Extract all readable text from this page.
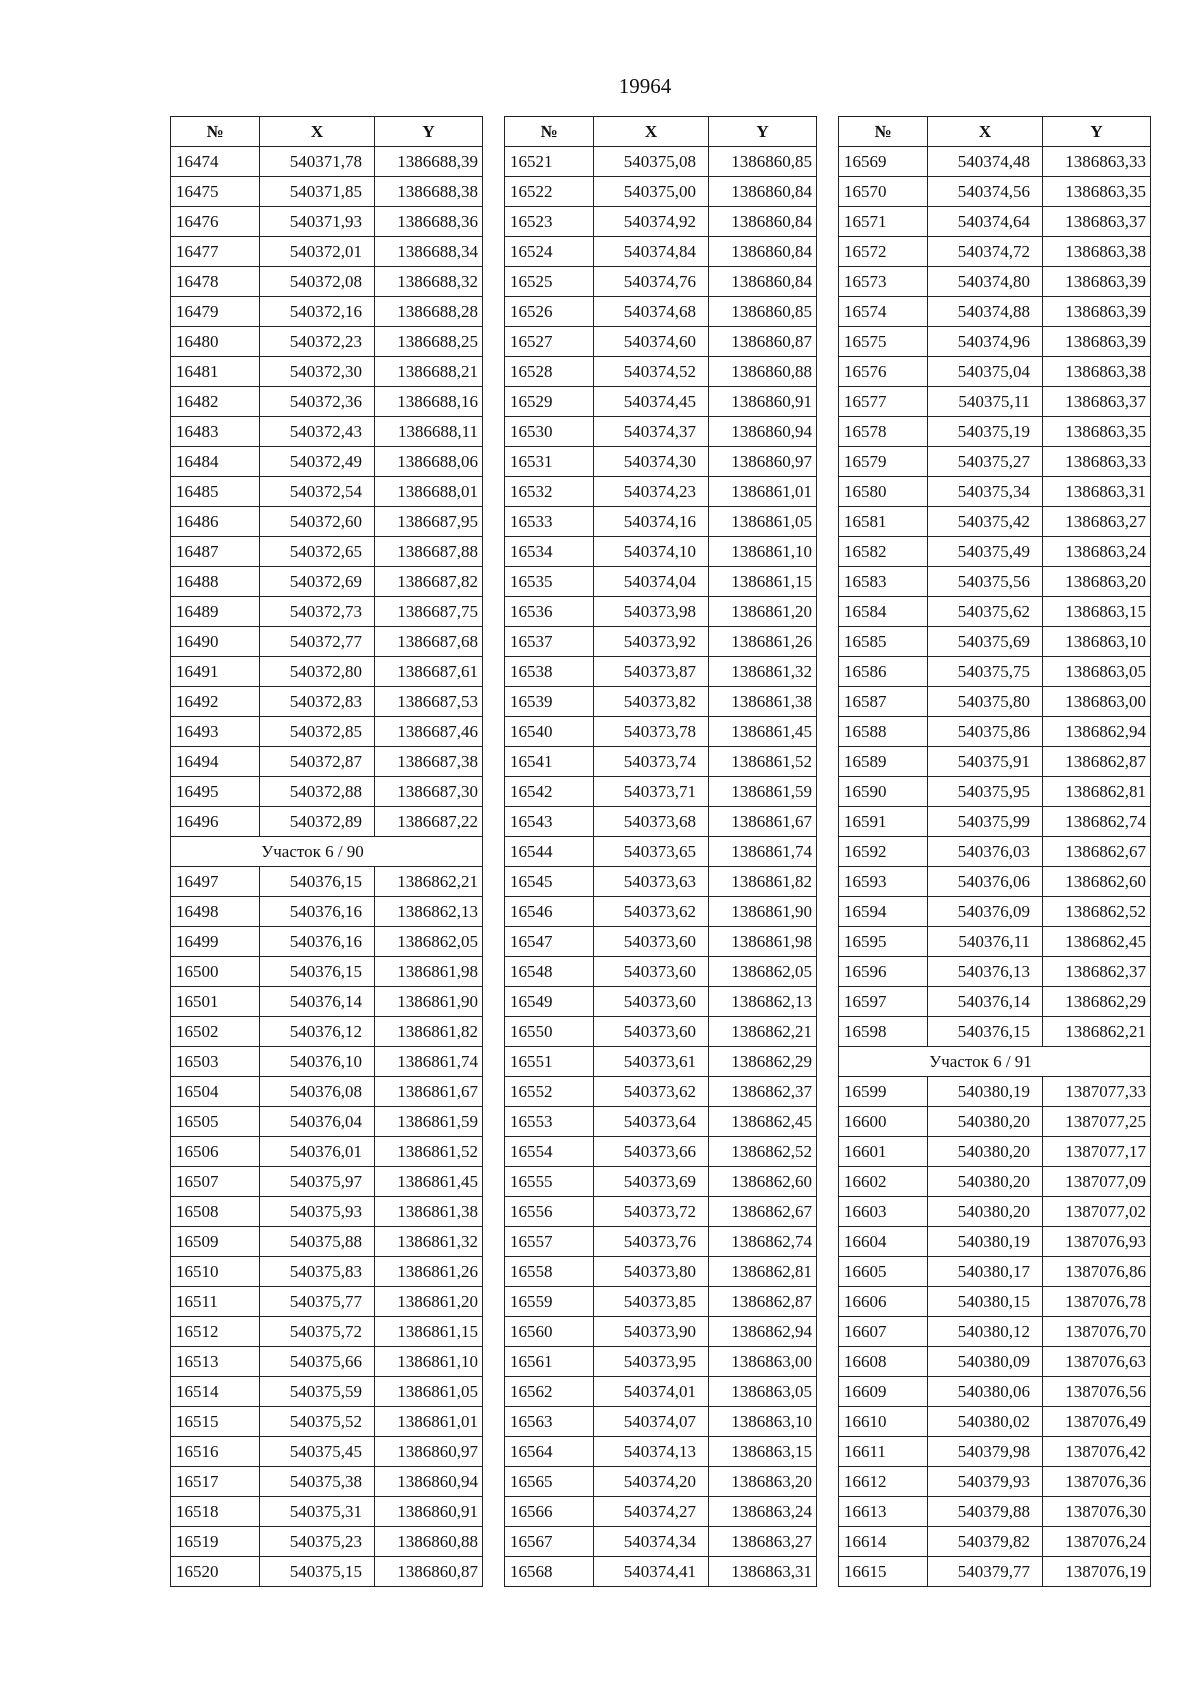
19964
№	X	Y
16474	540371,78	1386688,39
16475	540371,85	1386688,38
16476	540371,93	1386688,36
16477	540372,01	1386688,34
16478	540372,08	1386688,32
16479	540372,16	1386688,28
16480	540372,23	1386688,25
16481	540372,30	1386688,21
16482	540372,36	1386688,16
16483	540372,43	1386688,11
16484	540372,49	1386688,06
16485	540372,54	1386688,01
16486	540372,60	1386687,95
16487	540372,65	1386687,88
16488	540372,69	1386687,82
16489	540372,73	1386687,75
16490	540372,77	1386687,68
16491	540372,80	1386687,61
16492	540372,83	1386687,53
16493	540372,85	1386687,46
16494	540372,87	1386687,38
16495	540372,88	1386687,30
16496	540372,89	1386687,22
Участок 6 / 90		
16497	540376,15	1386862,21
16498	540376,16	1386862,13
16499	540376,16	1386862,05
16500	540376,15	1386861,98
16501	540376,14	1386861,90
16502	540376,12	1386861,82
16503	540376,10	1386861,74
16504	540376,08	1386861,67
16505	540376,04	1386861,59
16506	540376,01	1386861,52
16507	540375,97	1386861,45
16508	540375,93	1386861,38
16509	540375,88	1386861,32
16510	540375,83	1386861,26
16511	540375,77	1386861,20
16512	540375,72	1386861,15
16513	540375,66	1386861,10
16514	540375,59	1386861,05
16515	540375,52	1386861,01
16516	540375,45	1386860,97
16517	540375,38	1386860,94
16518	540375,31	1386860,91
16519	540375,23	1386860,88
16520	540375,15	1386860,87
№	X	Y
16521	540375,08	1386860,85
16522	540375,00	1386860,84
16523	540374,92	1386860,84
16524	540374,84	1386860,84
16525	540374,76	1386860,84
16526	540374,68	1386860,85
16527	540374,60	1386860,87
16528	540374,52	1386860,88
16529	540374,45	1386860,91
16530	540374,37	1386860,94
16531	540374,30	1386860,97
16532	540374,23	1386861,01
16533	540374,16	1386861,05
16534	540374,10	1386861,10
16535	540374,04	1386861,15
16536	540373,98	1386861,20
16537	540373,92	1386861,26
16538	540373,87	1386861,32
16539	540373,82	1386861,38
16540	540373,78	1386861,45
16541	540373,74	1386861,52
16542	540373,71	1386861,59
16543	540373,68	1386861,67
16544	540373,65	1386861,74
16545	540373,63	1386861,82
16546	540373,62	1386861,90
16547	540373,60	1386861,98
16548	540373,60	1386862,05
16549	540373,60	1386862,13
16550	540373,60	1386862,21
16551	540373,61	1386862,29
16552	540373,62	1386862,37
16553	540373,64	1386862,45
16554	540373,66	1386862,52
16555	540373,69	1386862,60
16556	540373,72	1386862,67
16557	540373,76	1386862,74
16558	540373,80	1386862,81
16559	540373,85	1386862,87
16560	540373,90	1386862,94
16561	540373,95	1386863,00
16562	540374,01	1386863,05
16563	540374,07	1386863,10
16564	540374,13	1386863,15
16565	540374,20	1386863,20
16566	540374,27	1386863,24
16567	540374,34	1386863,27
16568	540374,41	1386863,31
№	X	Y
16569	540374,48	1386863,33
16570	540374,56	1386863,35
16571	540374,64	1386863,37
16572	540374,72	1386863,38
16573	540374,80	1386863,39
16574	540374,88	1386863,39
16575	540374,96	1386863,39
16576	540375,04	1386863,38
16577	540375,11	1386863,37
16578	540375,19	1386863,35
16579	540375,27	1386863,33
16580	540375,34	1386863,31
16581	540375,42	1386863,27
16582	540375,49	1386863,24
16583	540375,56	1386863,20
16584	540375,62	1386863,15
16585	540375,69	1386863,10
16586	540375,75	1386863,05
16587	540375,80	1386863,00
16588	540375,86	1386862,94
16589	540375,91	1386862,87
16590	540375,95	1386862,81
16591	540375,99	1386862,74
16592	540376,03	1386862,67
16593	540376,06	1386862,60
16594	540376,09	1386862,52
16595	540376,11	1386862,45
16596	540376,13	1386862,37
16597	540376,14	1386862,29
16598	540376,15	1386862,21
Участок 6 / 91		
16599	540380,19	1387077,33
16600	540380,20	1387077,25
16601	540380,20	1387077,17
16602	540380,20	1387077,09
16603	540380,20	1387077,02
16604	540380,19	1387076,93
16605	540380,17	1387076,86
16606	540380,15	1387076,78
16607	540380,12	1387076,70
16608	540380,09	1387076,63
16609	540380,06	1387076,56
16610	540380,02	1387076,49
16611	540379,98	1387076,42
16612	540379,93	1387076,36
16613	540379,88	1387076,30
16614	540379,82	1387076,24
16615	540379,77	1387076,19
